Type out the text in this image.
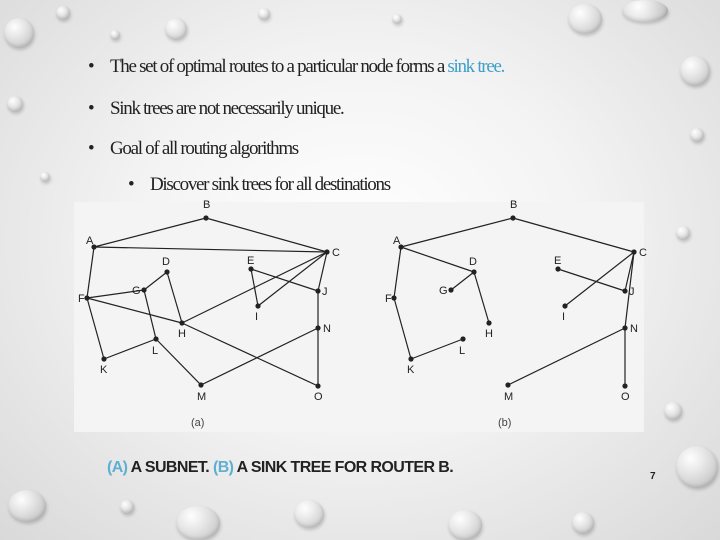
• The set of optimal routes to a particular node forms a sink tree.
• Sink trees are not necessarily unique.
• Goal of all routing algorithms
• Discover sink trees for all destinations
A
B
C
D	E
F
G
H
I
J
K
L
M
N
O
A
B
C
D	E
F
G
H
I
J
K
L
M
N
O
(a)	(b)
(A) A SUBNET. (B) A SINK TREE FOR ROUTER B.
7
